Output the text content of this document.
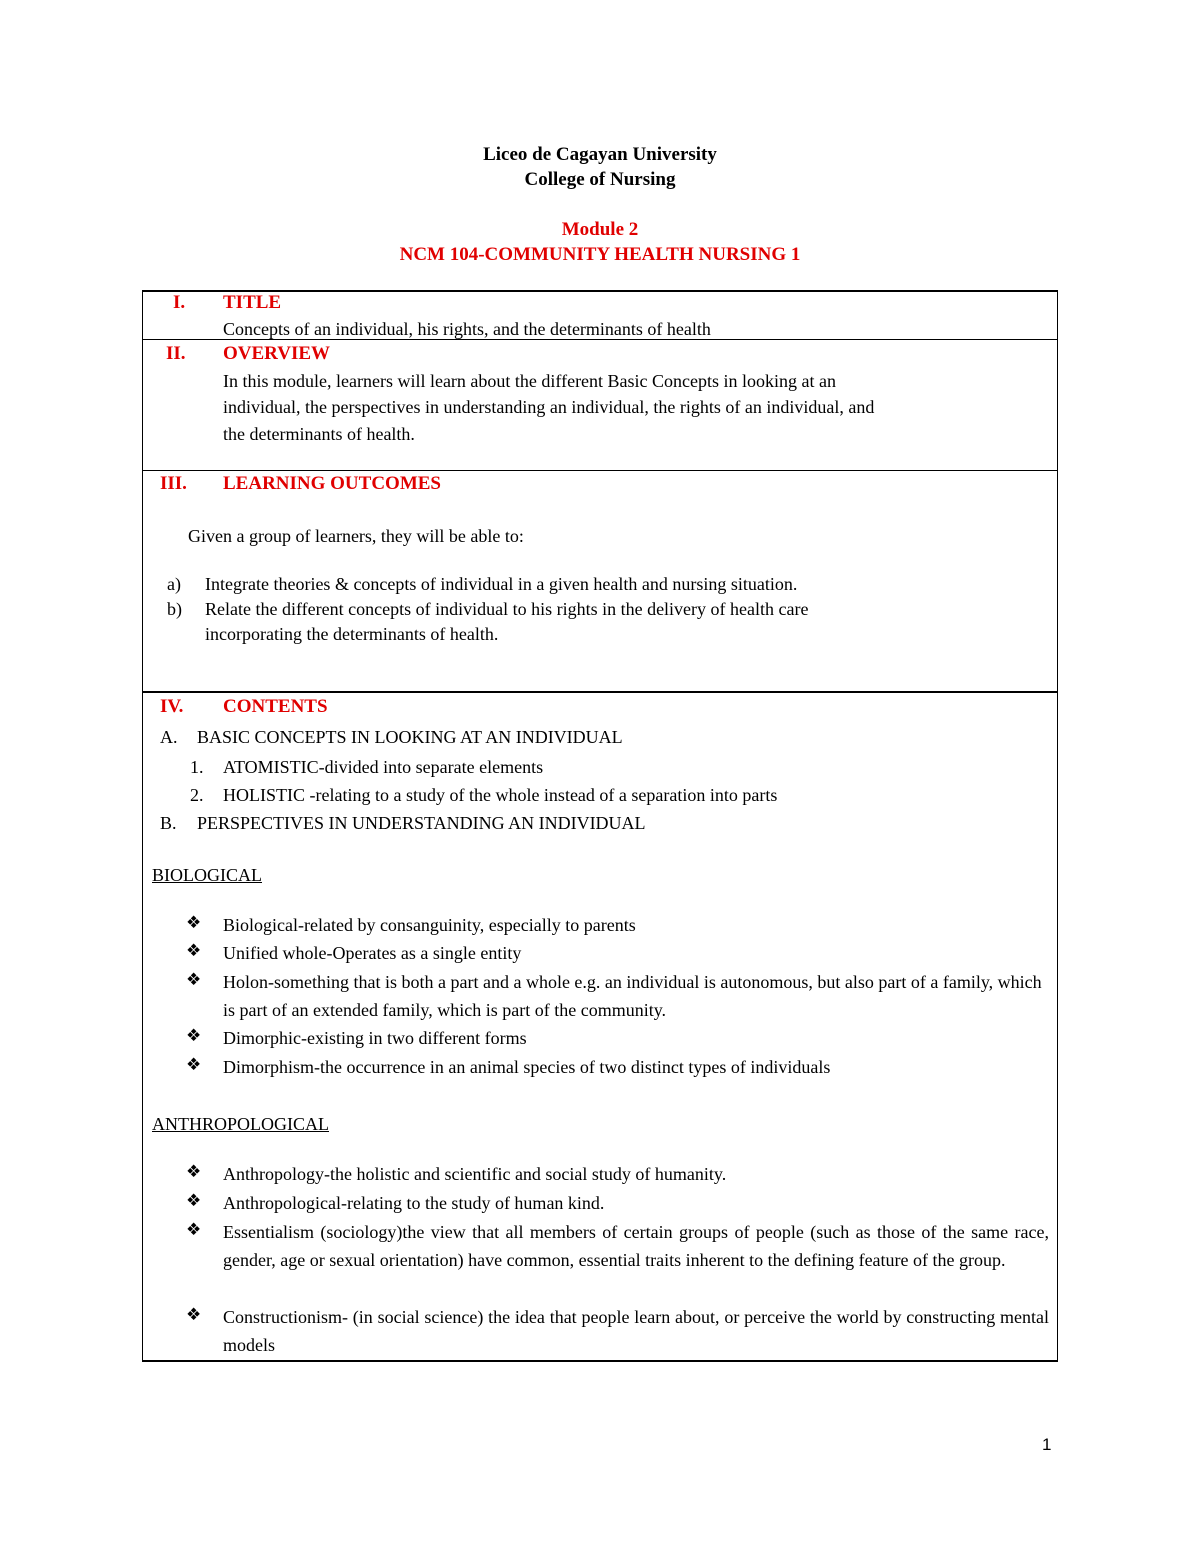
Liceo de Cagayan University
College of Nursing
Module 2
NCM 104-COMMUNITY HEALTH NURSING 1
I. TITLE
Concepts of an individual, his rights, and the determinants of health
II. OVERVIEW
In this module, learners will learn about the different Basic Concepts in looking at an
individual, the perspectives in understanding an individual, the rights of an individual, and
the determinants of health.
III. LEARNING OUTCOMES
Given a group of learners, they will be able to:
a) Integrate theories & concepts of individual in a given health and nursing situation.
b) Relate the different concepts of individual to his rights in the delivery of health care
incorporating the determinants of health.
IV. CONTENTS
A. BASIC CONCEPTS IN LOOKING AT AN INDIVIDUAL
1. ATOMISTIC-divided into separate elements
2. HOLISTIC -relating to a study of the whole instead of a separation into parts
B. PERSPECTIVES IN UNDERSTANDING AN INDIVIDUAL
BIOLOGICAL
❖ Biological-related by consanguinity, especially to parents
❖ Unified whole-Operates as a single entity
❖ Holon-something that is both a part and a whole e.g. an individual is autonomous, but also part of a family, which is part of an extended family, which is part of the community.
❖ Dimorphic-existing in two different forms
❖ Dimorphism-the occurrence in an animal species of two distinct types of individuals
ANTHROPOLOGICAL
❖ Anthropology-the holistic and scientific and social study of humanity.
❖ Anthropological-relating to the study of human kind.
❖ Essentialism (sociology)the view that all members of certain groups of people (such as those of the same race, gender, age or sexual orientation) have common, essential traits inherent to the defining feature of the group.
❖ Constructionism- (in social science) the idea that people learn about, or perceive the world by constructing mental models
1
